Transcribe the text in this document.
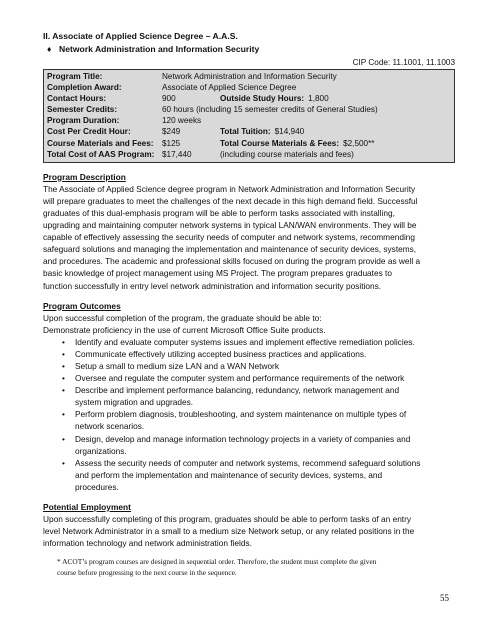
II. Associate of Applied Science Degree – A.A.S.
♦ Network Administration and Information Security
CIP Code: 11.1001, 11.1003
Program Title:	Network Administration and Information Security
Completion Award:	Associate of Applied Science Degree
Contact Hours:	900	Outside Study Hours: 1,800
Semester Credits:	60 hours (including 15 semester credits of General Studies)
Program Duration:	120 weeks
Cost Per Credit Hour:	$249	Total Tuition: $14,940
Course Materials and Fees:	$125	Total Course Materials & Fees: $2,500**
Total Cost of AAS Program: $17,440	(including course materials and fees)
Program Description
The Associate of Applied Science degree program in Network Administration and Information Security
will prepare graduates to meet the challenges of the next decade in this high demand field. Successful
graduates of this dual-emphasis program will be able to perform tasks associated with installing,
upgrading and maintaining computer network systems in typical LAN/WAN environments. They will be
capable of effectively assessing the security needs of computer and network systems, recommending
safeguard solutions and managing the implementation and maintenance of security devices, systems,
and procedures. The academic and professional skills focused on during the program provide as well a
basic knowledge of project management using MS Project. The program prepares graduates to
function successfully in entry level network administration and information security positions.
Program Outcomes
Upon successful completion of the program, the graduate should be able to:
Demonstrate proficiency in the use of current Microsoft Office Suite products.
• Identify and evaluate computer systems issues and implement effective remediation policies.
• Communicate effectively utilizing accepted business practices and applications.
• Setup a small to medium size LAN and a WAN Network
• Oversee and regulate the computer system and performance requirements of the network
• Describe and implement performance balancing, redundancy, network management and
system migration and upgrades.
• Perform problem diagnosis, troubleshooting, and system maintenance on multiple types of
network scenarios.
• Design, develop and manage information technology projects in a variety of companies and
organizations.
• Assess the security needs of computer and network systems, recommend safeguard solutions
and perform the implementation and maintenance of security devices, systems, and
procedures.
Potential Employment
Upon successfully completing of this program, graduates should be able to perform tasks of an entry
level Network Administrator in a small to a medium size Network setup, or any related positions in the
information technology and network administration fields.
* ACOT’s program courses are designed in sequential order. Therefore, the student must complete the given
course before progressing to the next course in the sequence.
55
